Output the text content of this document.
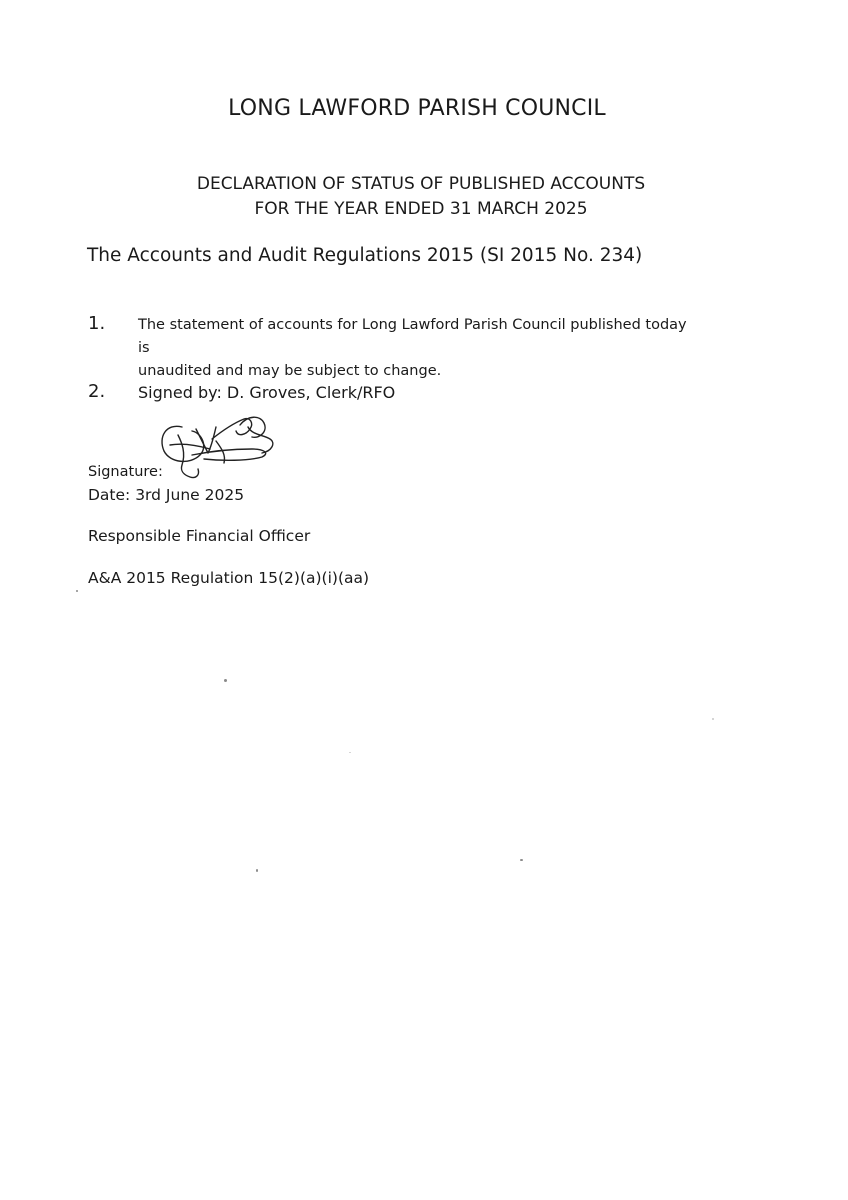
LONG LAWFORD PARISH COUNCIL
DECLARATION OF STATUS OF PUBLISHED ACCOUNTS
FOR THE YEAR ENDED 31 MARCH 2025
The Accounts and Audit Regulations 2015 (SI 2015 No. 234)
1. The statement of accounts for Long Lawford Parish Council published today is
unaudited and may be subject to change.
2. Signed by: D. Groves, Clerk/RFO
Signature:
Date: 3rd June 2025
Responsible Financial Officer
A&A 2015 Regulation 15(2)(a)(i)(aa)
